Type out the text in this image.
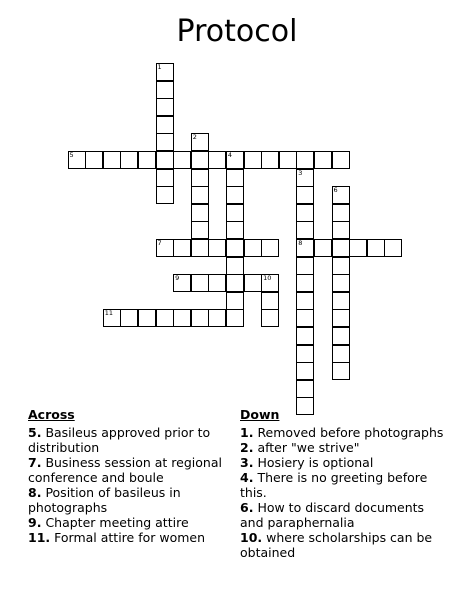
Protocol
1
2
3
8
4
5
6
7
9	10
11
Across
5. Basileus approved prior to distribution
7. Business session at regional conference and boule
8. Position of basileus in photographs
9. Chapter meeting attire
11. Formal attire for women
Down
1. Removed before photographs
2. after "we strive"
3. Hosiery is optional
4. There is no greeting before this.
6. How to discard documents and paraphernalia
10. where scholarships can be obtained
